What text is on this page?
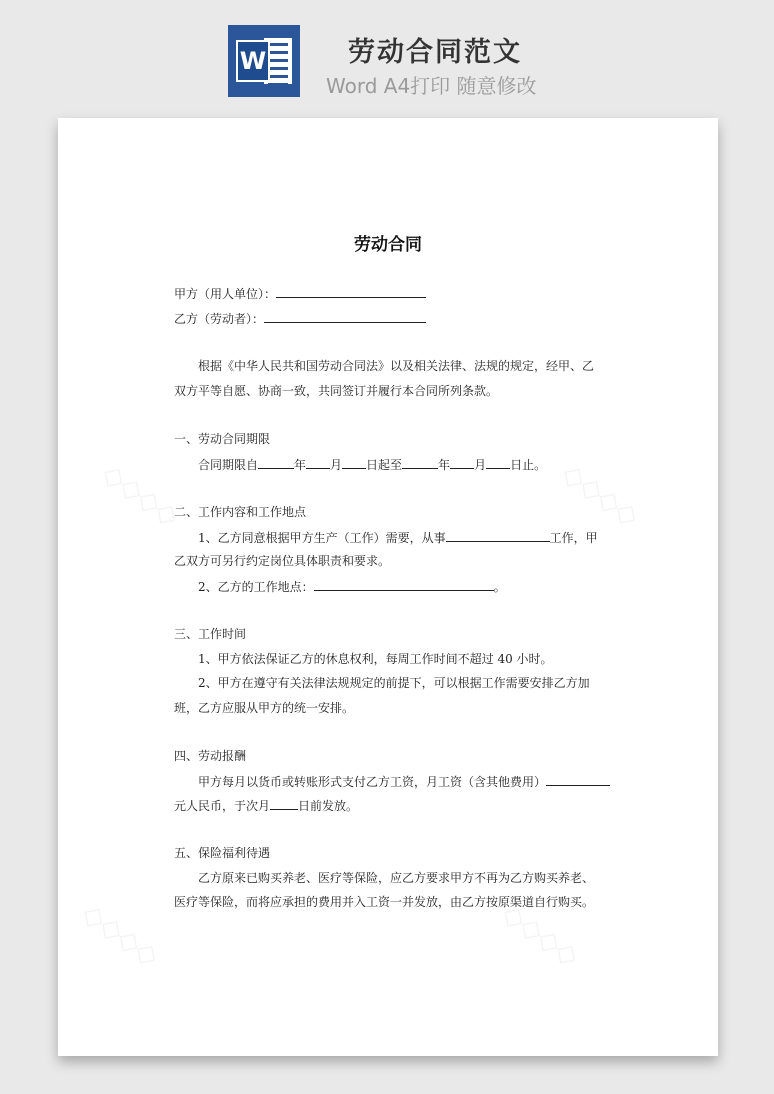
W	劳动合同范文
Word A4打印 随意修改
劳动合同
甲方（用人单位）：
乙方（劳动者）：
根据《中华人民共和国劳动合同法》以及相关法律、法规的规定，经甲、乙
双方平等自愿、协商一致，共同签订并履行本合同所列条款。
一、劳动合同期限
合同期限自	年 月 日起至	年 月 日止。
二、工作内容和工作地点
1、乙方同意根据甲方生产（工作）需要，从事	工作，甲
乙双方可另行约定岗位具体职责和要求。
2、乙方的工作地点：	。
三、工作时间
1、甲方依法保证乙方的休息权利，每周工作时间不超过 40 小时。
2、甲方在遵守有关法律法规规定的前提下，可以根据工作需要安排乙方加
班，乙方应服从甲方的统一安排。
四、劳动报酬
甲方每月以货币或转账形式支付乙方工资，月工资（含其他费用）
元人民币，于次月 日前发放。
五、保险福利待遇
乙方原来已购买养老、医疗等保险，应乙方要求甲方不再为乙方购买养老、
医疗等保险，而将应承担的费用并入工资一并发放，由乙方按原渠道自行购买。
